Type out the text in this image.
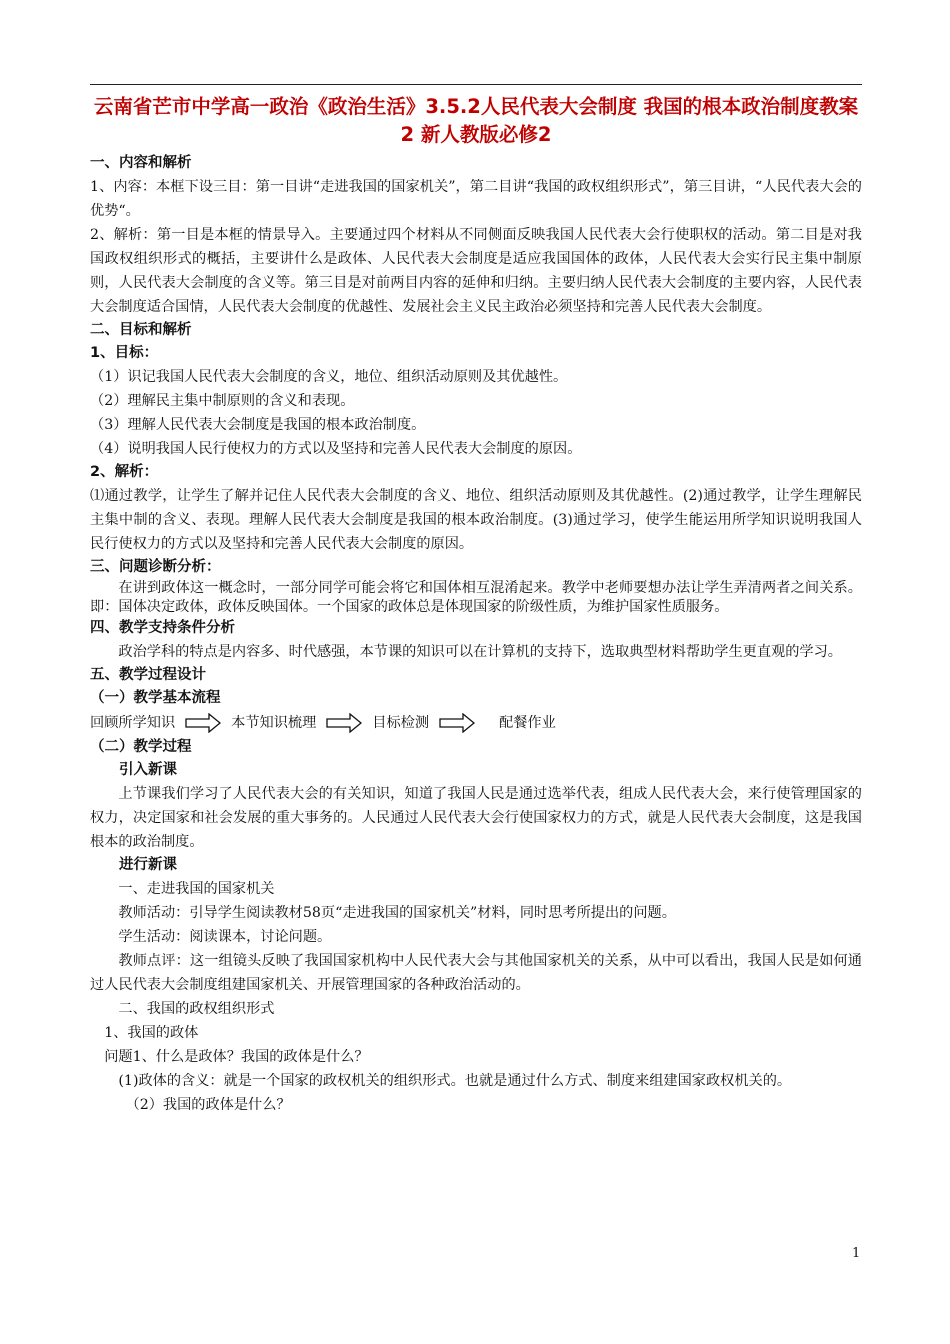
云南省芒市中学高一政治《政治生活》3.5.2人民代表大会制度 我国的根本政治制度教案2 新人教版必修2

一、内容和解析

1、内容：本框下设三目：第一目讲“走进我国的国家机关”，第二目讲“我国的政权组织形式”，第三目讲，“人民代表大会的优势“。

2、解析：第一目是本框的情景导入。主要通过四个材料从不同侧面反映我国人民代表大会行使职权的活动。第二目是对我国政权组织形式的概括，主要讲什么是政体、人民代表大会制度是适应我国国体的政体，人民代表大会实行民主集中制原则，人民代表大会制度的含义等。第三目是对前两目内容的延伸和归纳。主要归纳人民代表大会制度的主要内容，人民代表大会制度适合国情，人民代表大会制度的优越性、发展社会主义民主政治必须坚持和完善人民代表大会制度。

二、目标和解析

1、目标：

（1）识记我国人民代表大会制度的含义，地位、组织活动原则及其优越性。

（2）理解民主集中制原则的含义和表现。

（3）理解人民代表大会制度是我国的根本政治制度。

（4）说明我国人民行使权力的方式以及坚持和完善人民代表大会制度的原因。

2、解析：

⑴通过教学，让学生了解并记住人民代表大会制度的含义、地位、组织活动原则及其优越性。(2)通过教学，让学生理解民主集中制的含义、表现。理解人民代表大会制度是我国的根本政治制度。(3)通过学习，使学生能运用所学知识说明我国人民行使权力的方式以及坚持和完善人民代表大会制度的原因。

三、问题诊断分析：

在讲到政体这一概念时，一部分同学可能会将它和国体相互混淆起来。教学中老师要想办法让学生弄清两者之间关系。即：国体决定政体，政体反映国体。一个国家的政体总是体现国家的阶级性质，为维护国家性质服务。

四、教学支持条件分析

政治学科的特点是内容多、时代感强，本节课的知识可以在计算机的支持下，选取典型材料帮助学生更直观的学习。

五、教学过程设计

（一）教学基本流程

回顾所学知识	本节知识梳理	目标检测	配餐作业

（二）教学过程

引入新课

上节课我们学习了人民代表大会的有关知识，知道了我国人民是通过选举代表，组成人民代表大会，来行使管理国家的权力，决定国家和社会发展的重大事务的。人民通过人民代表大会行使国家权力的方式，就是人民代表大会制度，这是我国根本的政治制度。

进行新课

一、走进我国的国家机关

教师活动：引导学生阅读教材58页“走进我国的国家机关”材料，同时思考所提出的问题。

学生活动：阅读课本，讨论问题。

教师点评：这一组镜头反映了我国国家机构中人民代表大会与其他国家机关的关系，从中可以看出，我国人民是如何通过人民代表大会制度组建国家机关、开展管理国家的各种政治活动的。

二、我国的政权组织形式

1、我国的政体

问题1、什么是政体？我国的政体是什么？

(1)政体的含义：就是一个国家的政权机关的组织形式。也就是通过什么方式、制度来组建国家政权机关的。

（2）我国的政体是什么？

1
